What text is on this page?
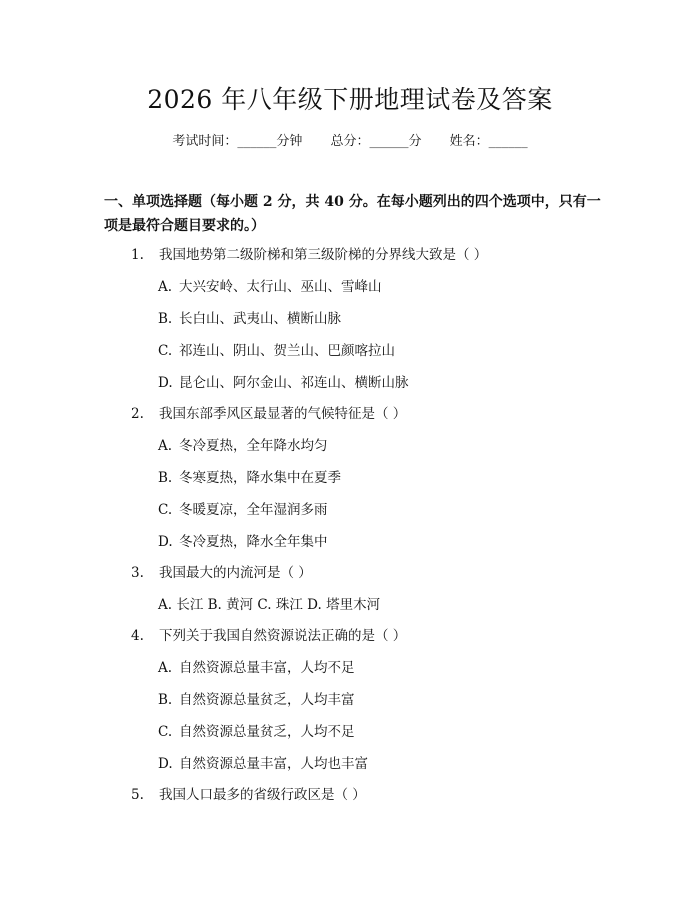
2026 年八年级下册地理试卷及答案
考试时间：______分钟 总分：______分 姓名：______
一、单项选择题（每小题 2 分，共 40 分。在每小题列出的四个选项中，只有一项是最符合题目要求的。）
1. 我国地势第二级阶梯和第三级阶梯的分界线大致是（ ）
A. 大兴安岭、太行山、巫山、雪峰山
B. 长白山、武夷山、横断山脉
C. 祁连山、阴山、贺兰山、巴颜喀拉山
D. 昆仑山、阿尔金山、祁连山、横断山脉
2. 我国东部季风区最显著的气候特征是（ ）
A. 冬冷夏热，全年降水均匀
B. 冬寒夏热，降水集中在夏季
C. 冬暖夏凉，全年湿润多雨
D. 冬冷夏热，降水全年集中
3. 我国最大的内流河是（ ）
A. 长江 B. 黄河 C. 珠江 D. 塔里木河
4. 下列关于我国自然资源说法正确的是（ ）
A. 自然资源总量丰富，人均不足
B. 自然资源总量贫乏，人均丰富
C. 自然资源总量贫乏，人均不足
D. 自然资源总量丰富，人均也丰富
5. 我国人口最多的省级行政区是（ ）
